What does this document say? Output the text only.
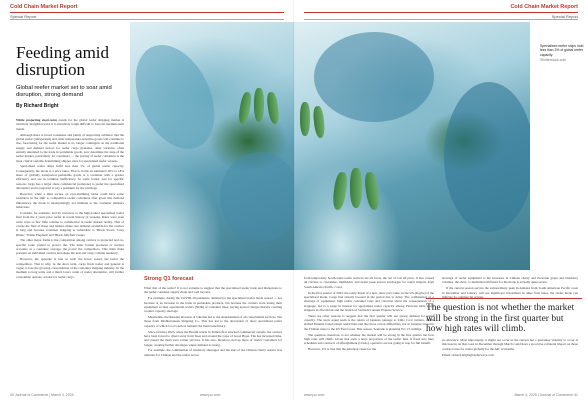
Cold Chain Market Report
Special Report
Feeding amid disruption
Global reefer market set to soar amid disruption, strong demand
By Richard Bright

While projecting short-term trends for the global reefer shipping market is relatively straightforward, it is massively tough difficult to forecast medium-term trends.

Although there is broad consensus and plenty of supporting evidence that the global reefer (refrigerated) and other temperature-sensitive goods will continue to rise, forecasting for the reefer market is no longer contingent on the traditional supply and demand factors for reefer cargo (bananas, other varieties, often entirely unrelated to the trade in perishable goods, now determine the state of the reefer market, particularly for containers — the pricing of reefer containers is the most critical variable determining shipper rates for specialised reefer vessels.

Specialised reefer ships fulfil less than 3% of global reefer capacity. Consequently, the mode is a price taker. That is, holds an estimated 16% to 18% share of globally transported perishable goods is a container with a greater efficiency and are in terminal inefficiency. In some trades, and for specific reasons, cargo has a larger share commercial (someone) to prefer the specialised alternative and is prepared to pay a premium for the privilege.

However, while a mini escape on ever-shrinking niche could have some resistance in the shift to competitive reefer containers after given this demand imbalance), the mode is unsurprisingly not immune to the container market's behaviour.

Consider, for example, and its overview to the high-forked specialised reefer fleet from the 2 years prior reefer in recent history (4 vessels). Rates were even write trays so few little volume to commercial in reefer market reality. That of course the fleet of these and tankers make rare demand available for the carriers is long and because container shipping is vulnerable to 'Black Swan', 'Grey Rhino', 'White Elephant' and 'Black Jellyfish' events.

The other major frame is the competition among carriers to projected and on-specific route jostled to protect the. The latter format produces or nuclear accounts as a container ownage, the power the competitors. This main main pressure on individual carriers and shape the unit and cargo volume tendency.

However, the opposite is true as well: the fewer vessel, the better the competition. That is why, in the short term, cargo finds reefer and general is vague to lose the growing consolidation of the container shipping industry. In the medium to long term, and a much lower count of reefer alternative, will further consolidate options, at least for reefer cargo.	Strong Q1 forecast

What that of the reefer? It is not extreme to suggest that the specialised reefer trade and disruptions to the reefer container supply chain and well beyond.

For example, during the COVID-19 pandemic, demand for the specialised reefer mode soared — not because of an increase in the trade in perishable products, but because the carriers were losing their equipment as then operational waters (NOR) of container lines, paying spread charges thereby creating a reefer capacity shortage.

Meanwhile, the Russian invasion of Ukraine led to the abandonment of all consolidated services. Net those from Mediterranean Shipping Co. This has led to the absorption of more specialised reefer capacity of which Cool Carriers remains the main beneficiary.

Since October 2023, when the Houthi rebels in Yemen first attacked commercial vessels, the carriers have been forced to divert away from Suez and around the Cape of Good Hope. The has increased time, and caused the main west carrier services. It has also, therefore, tied up more of 'reefer' containers for longer, creating further shortages where demand is strong.

For example, the combination of inventory shortages and the start of the Chilean cherry season was ominous for Chilean and the reefer sector.

40 Journal of Commerce | March 4, 2025	www.joc.com
Cold Chain Market Report
Special Report

from temporarily South-some reefer services are all focus. the out of cost Of price. It also caused all carriers to customize, midfielder, and better peak season surcharges for reefer imports from South America Pacific cover.

In the first quarter of 2025, the tanny threat of a new, rates' port value, in the US (maybe) of the specialised mode, Cargo had already boosted in the period due to delay. The combination of a shortage of equipment, high reefer container rates and concerns about the consequences of a stoppage, led to a surge in interest for specialised reefer capacity among Peruvian table grape shippers in 2fwom but and the launch of Seatrade's Andes Express Service.

There are other reasons to suggest that the first quarter will see strong demand for reefer capacity. The snow equal team is the return of bananas tonnage to Little Cool carriers, which shifted Panama Canal transit restrictions and due more cotton difficulties, not so bananas vessel in the Chilean route to the US East Coast. This season, Seatrade is planning 8 to 15 sailings.

The question, therefore, is not whether the market will be strong in the first quarter but how high rates will climb. Given that such a large proportion of the reefer fleet is fixed into liner schedules and contracts of affreightment (COAs), operators are not going to trap for full benefit.

However, if it is true that the principal cause for the

shortage of reefer equipment is the increases in Chilean cherry and Peruvian grape and blueberry volumes, the short- to medium-term future for the mode is actually quite secure.

If the current season service the extraordinary peak in demand from South American Pacific coast in December and January will see significant investment in other fruit lanes, the reefer mode can mitigate its commercial actions.

in relevance. Most importantly, it might not occur in the current but a guarantee viability to cover at this beacon on that coast in December through March could have a good rise collateral impact on those contract rates for reefer globally for the full 12 months.

Email: richard.bright@reeferwave.com

www.joc.com	March 4, 2025 | Journal of Commerce 41
Specialised reefer ships hold less than 3% of global reefer capacity.
Shutterstock.com
The question is not whether the market will be strong in the first quarter but how high rates will climb.
